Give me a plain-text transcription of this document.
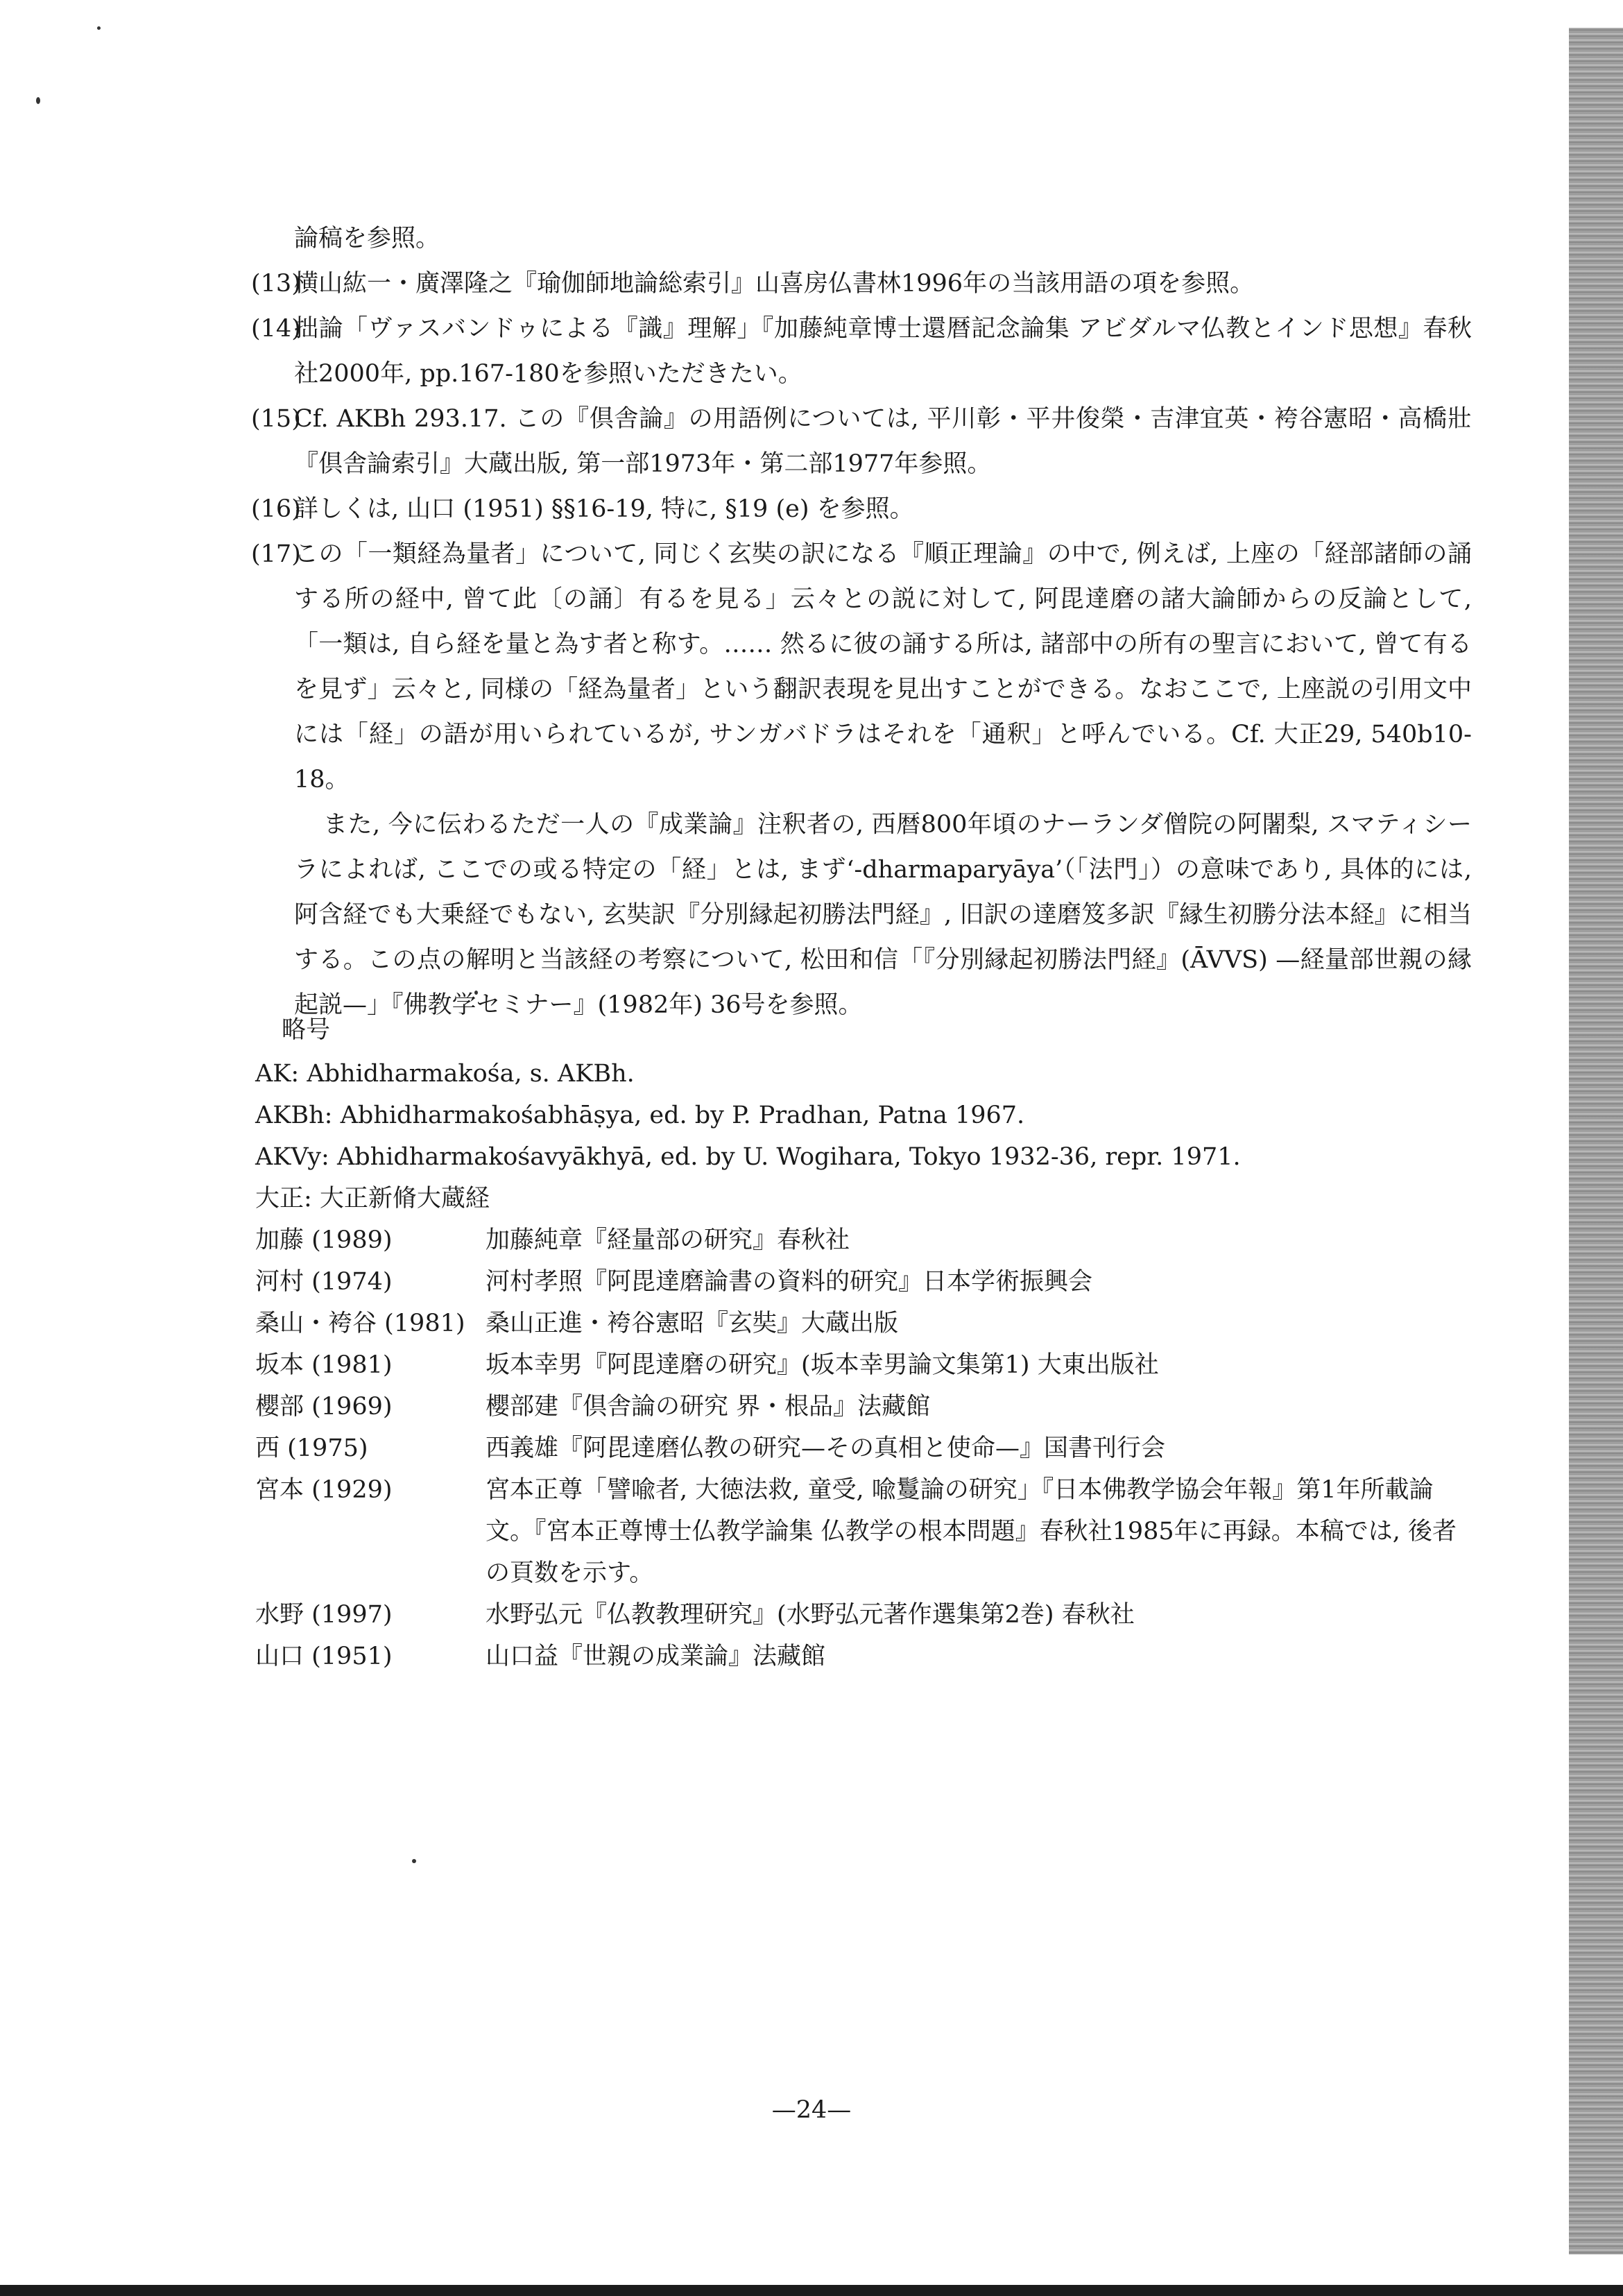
論稿を参照。
(13)
横山紘一・廣澤隆之『瑜伽師地論総索引』山喜房仏書林1996年の当該用語の項を参照。
(14)
拙論「ヴァスバンドゥによる『識』理解」『加藤純章博士還暦記念論集 アビダルマ仏教とインド思想』春秋社2000年, pp.167-180を参照いただきたい。
(15)
Cf. AKBh 293.17. この『倶舎論』の用語例については, 平川彰・平井俊榮・吉津宜英・袴谷憲昭・高橋壯『倶舎論索引』大蔵出版, 第一部1973年・第二部1977年参照。
(16)
詳しくは, 山口 (1951) §§16-19, 特に, §19 (e) を参照。
(17)
この「一類経為量者」について, 同じく玄奘の訳になる『順正理論』の中で, 例えば, 上座の「経部諸師の誦する所の経中, 曾て此〔の誦〕有るを見る」云々との説に対して, 阿毘達磨の諸大論師からの反論として,「一類は, 自ら経を量と為す者と称す。…… 然るに彼の誦する所は, 諸部中の所有の聖言において, 曾て有るを見ず」云々と, 同様の「経為量者」という翻訳表現を見出すことができる。なおここで, 上座説の引用文中には「経」の語が用いられているが, サンガバドラはそれを「通釈」と呼んでいる。Cf. 大正29, 540b10-18。
また, 今に伝わるただ一人の『成業論』注釈者の, 西暦800年頃のナーランダ僧院の阿闍梨, スマティシーラによれば, ここでの或る特定の「経」とは, まず‘-dharmaparyāya’（「法門」）の意味であり, 具体的には, 阿含経でも大乗経でもない, 玄奘訳『分別縁起初勝法門経』, 旧訳の達磨笈多訳『縁生初勝分法本経』に相当する。この点の解明と当該経の考察について, 松田和信「『分別縁起初勝法門経』(ĀVVS) —経量部世親の縁起説—」『佛教学セミナー』(1982年) 36号を参照。
略号
AK: Abhidharmakośa, s. AKBh.
AKBh: Abhidharmakośabhāṣya, ed. by P. Pradhan, Patna 1967.
AKVy: Abhidharmakośavyākhyā, ed. by U. Wogihara, Tokyo 1932-36, repr. 1971.
大正: 大正新脩大蔵経
加藤 (1989)	加藤純章『経量部の研究』春秋社
河村 (1974)	河村孝照『阿毘達磨論書の資料的研究』日本学術振興会
桑山・袴谷 (1981) 桑山正進・袴谷憲昭『玄奘』大蔵出版
坂本 (1981)	坂本幸男『阿毘達磨の研究』(坂本幸男論文集第1) 大東出版社
櫻部 (1969)	櫻部建『倶舎論の研究 界・根品』法藏館
西 (1975)	西義雄『阿毘達磨仏教の研究—その真相と使命—』国書刊行会
宮本 (1929)	宮本正尊「譬喩者, 大徳法救, 童受, 喩鬘論の研究」『日本佛教学協会年報』第1年所載論文。『宮本正尊博士仏教学論集 仏教学の根本問題』春秋社1985年に再録。本稿では, 後者の頁数を示す。
水野 (1997)	水野弘元『仏教教理研究』(水野弘元著作選集第2巻) 春秋社
山口 (1951)	山口益『世親の成業論』法藏館
—24—
